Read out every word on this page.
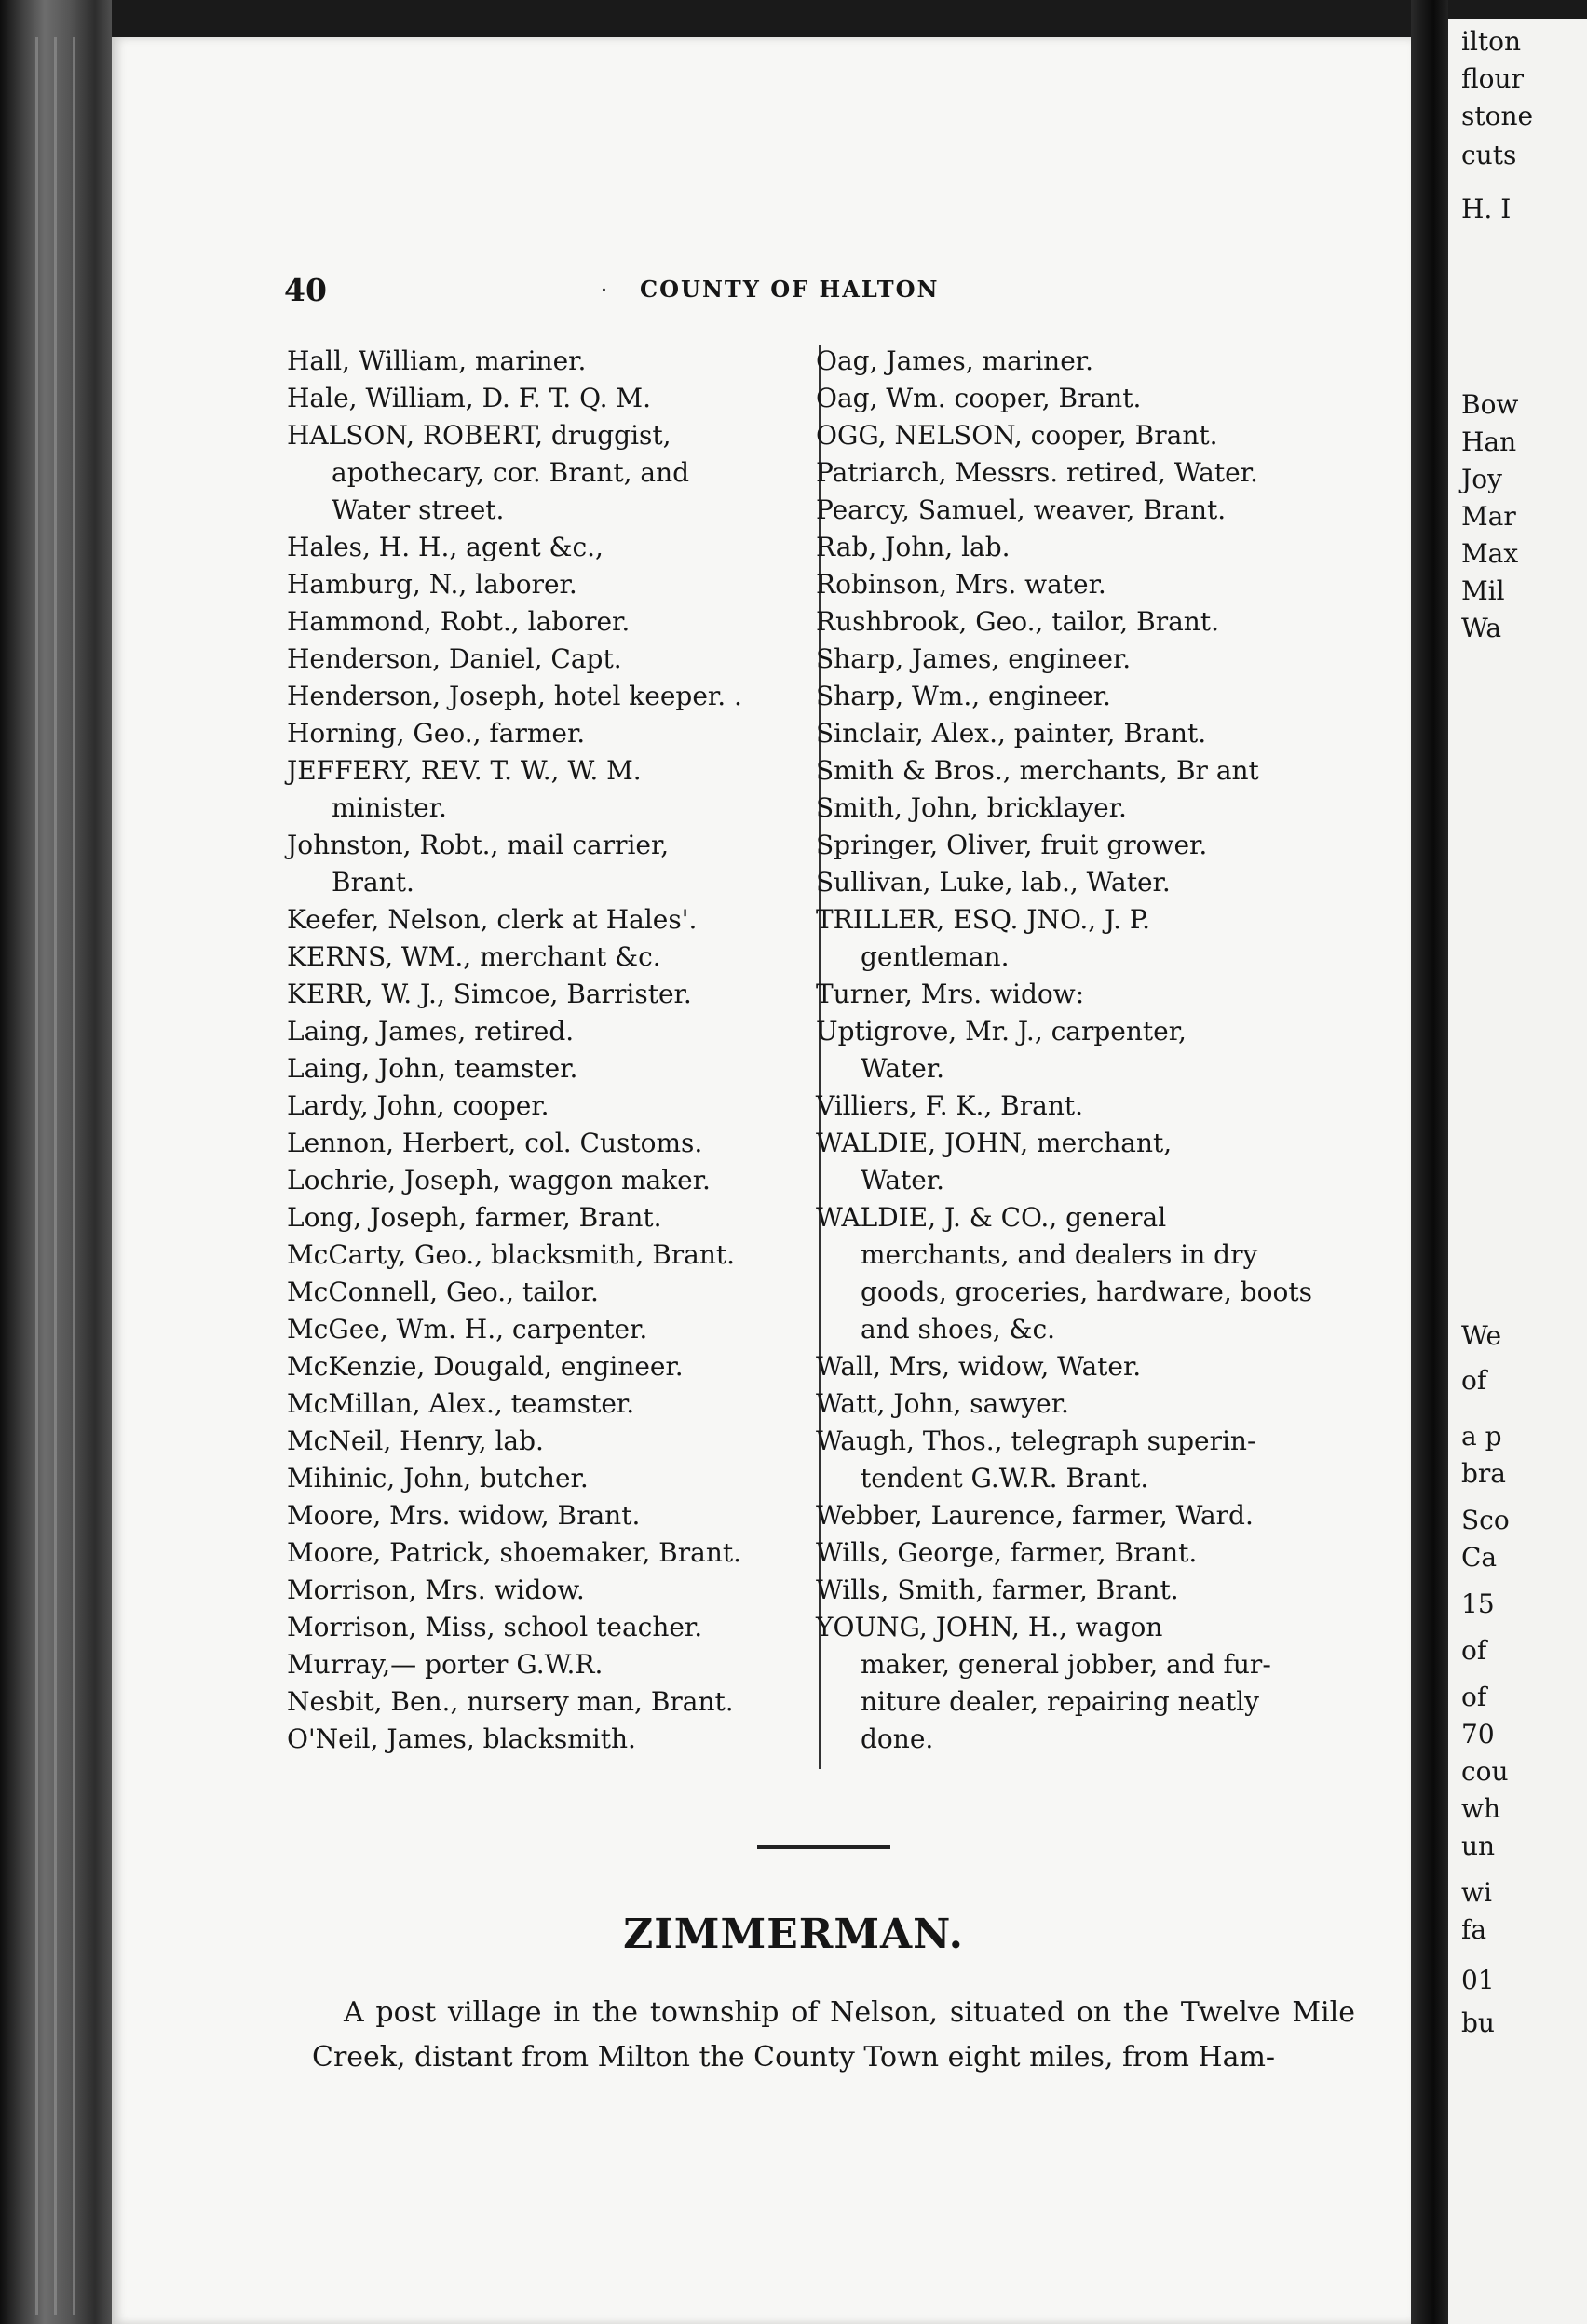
40	· COUNTY OF HALTON
Hall, William, mariner.
Hale, William, D. F. T. Q. M.
HALSON, ROBERT, druggist,
apothecary, cor. Brant, and
Water street.
Hales, H. H., agent &c.,
Hamburg, N., laborer.
Hammond, Robt., laborer.
Henderson, Daniel, Capt.
Henderson, Joseph, hotel keeper. .
Horning, Geo., farmer.
JEFFERY, REV. T. W., W. M.
minister.
Johnston, Robt., mail carrier,
Brant.
Keefer, Nelson, clerk at Hales'.
KERNS, WM., merchant &c.
KERR, W. J., Simcoe, Barrister.
Laing, James, retired.
Laing, John, teamster.
Lardy, John, cooper.
Lennon, Herbert, col. Customs.
Lochrie, Joseph, waggon maker.
Long, Joseph, farmer, Brant.
McCarty, Geo., blacksmith, Brant.
McConnell, Geo., tailor.
McGee, Wm. H., carpenter.
McKenzie, Dougald, engineer.
McMillan, Alex., teamster.
McNeil, Henry, lab.
Mihinic, John, butcher.
Moore, Mrs. widow, Brant.
Moore, Patrick, shoemaker, Brant.
Morrison, Mrs. widow.
Morrison, Miss, school teacher.
Murray,— porter G.W.R.
Nesbit, Ben., nursery man, Brant.
O'Neil, James, blacksmith.
Oag, James, mariner.
Oag, Wm. cooper, Brant.
OGG, NELSON, cooper, Brant.
Patriarch, Messrs. retired, Water.
Pearcy, Samuel, weaver, Brant.
Rab, John, lab.
Robinson, Mrs. water.
Rushbrook, Geo., tailor, Brant.
Sharp, James, engineer.
Sharp, Wm., engineer.
Sinclair, Alex., painter, Brant.
Smith & Bros., merchants, Br ant
Smith, John, bricklayer.
Springer, Oliver, fruit grower.
Sullivan, Luke, lab., Water.
TRILLER, ESQ. JNO., J. P.
gentleman.
Turner, Mrs. widow:
Uptigrove, Mr. J., carpenter,
Water.
Villiers, F. K., Brant.
WALDIE, JOHN, merchant,
Water.
WALDIE, J. & CO., general
merchants, and dealers in dry
goods, groceries, hardware, boots
and shoes, &c.
Wall, Mrs, widow, Water.
Watt, John, sawyer.
Waugh, Thos., telegraph superin-
tendent G.W.R. Brant.
Webber, Laurence, farmer, Ward.
Wills, George, farmer, Brant.
Wills, Smith, farmer, Brant.
YOUNG, JOHN, H., wagon
maker, general jobber, and fur-
niture dealer, repairing neatly
done.
ZIMMERMAN.
A post village in the township of Nelson, situated on the Twelve Mile Creek, distant from Milton the County Town eight miles, from Ham-
ilton
flour
stone
cuts
H. I
Bow
Han
Joy
Mar
Max
Mil
Wa
We
of
a p
bra
Sco
Ca
15
of
of
70
cou
wh
un
wi
fa
01
bu
